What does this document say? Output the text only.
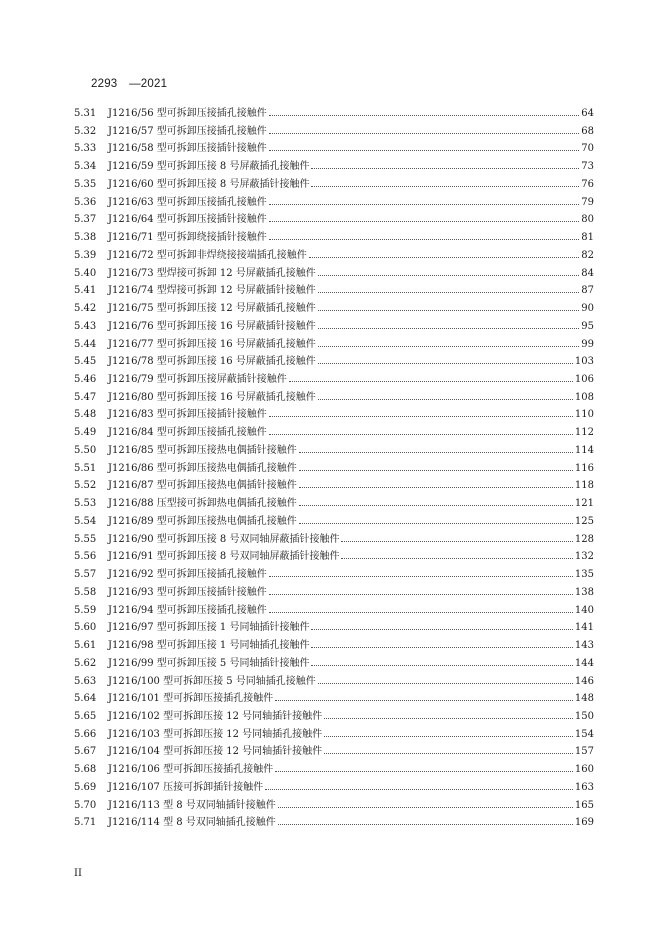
2293　—2021
5.31	J1216/56 型可拆卸压接插孔接触件	64
5.32	J1216/57 型可拆卸压接插孔接触件	68
5.33	J1216/58 型可拆卸压接插针接触件	70
5.34	J1216/59 型可拆卸压接 8 号屏蔽插孔接触件	73
5.35	J1216/60 型可拆卸压接 8 号屏蔽插针接触件	76
5.36	J1216/63 型可拆卸压接插孔接触件	79
5.37	J1216/64 型可拆卸压接插针接触件	80
5.38	J1216/71 型可拆卸绕接插针接触件	81
5.39	J1216/72 型可拆卸非焊绕接接端插孔接触件	82
5.40	J1216/73 型焊接可拆卸 12 号屏蔽插孔接触件	84
5.41	J1216/74 型焊接可拆卸 12 号屏蔽插针接触件	87
5.42	J1216/75 型可拆卸压接 12 号屏蔽插孔接触件	90
5.43	J1216/76 型可拆卸压接 16 号屏蔽插针接触件	95
5.44	J1216/77 型可拆卸压接 16 号屏蔽插孔接触件	99
5.45	J1216/78 型可拆卸压接 16 号屏蔽插孔接触件	103
5.46	J1216/79 型可拆卸压接屏蔽插针接触件	106
5.47	J1216/80 型可拆卸压接 16 号屏蔽插孔接触件	108
5.48	J1216/83 型可拆卸压接插针接触件	110
5.49	J1216/84 型可拆卸压接插孔接触件	112
5.50	J1216/85 型可拆卸压接热电偶插针接触件	114
5.51	J1216/86 型可拆卸压接热电偶插孔接触件	116
5.52	J1216/87 型可拆卸压接热电偶插针接触件	118
5.53	J1216/88 压型接可拆卸热电偶插孔接触件	121
5.54	J1216/89 型可拆卸压接热电偶插孔接触件	125
5.55	J1216/90 型可拆卸压接 8 号双同轴屏蔽插针接触件	128
5.56	J1216/91 型可拆卸压接 8 号双同轴屏蔽插针接触件	132
5.57	J1216/92 型可拆卸压接插孔接触件	135
5.58	J1216/93 型可拆卸压接插针接触件	138
5.59	J1216/94 型可拆卸压接插孔接触件	140
5.60	J1216/97 型可拆卸压接 1 号同轴插针接触件	141
5.61	J1216/98 型可拆卸压接 1 号同轴插孔接触件	143
5.62	J1216/99 型可拆卸压接 5 号同轴插针接触件	144
5.63	J1216/100 型可拆卸压接 5 号同轴插孔接触件	146
5.64	J1216/101 型可拆卸压接插孔接触件	148
5.65	J1216/102 型可拆卸压接 12 号同轴插针接触件	150
5.66	J1216/103 型可拆卸压接 12 号同轴插孔接触件	154
5.67	J1216/104 型可拆卸压接 12 号同轴插针接触件	157
5.68	J1216/106 型可拆卸压接插孔接触件	160
5.69	J1216/107 压接可拆卸插针接触件	163
5.70	J1216/113 型 8 号双同轴插针接触件	165
5.71	J1216/114 型 8 号双同轴插孔接触件	169
II
